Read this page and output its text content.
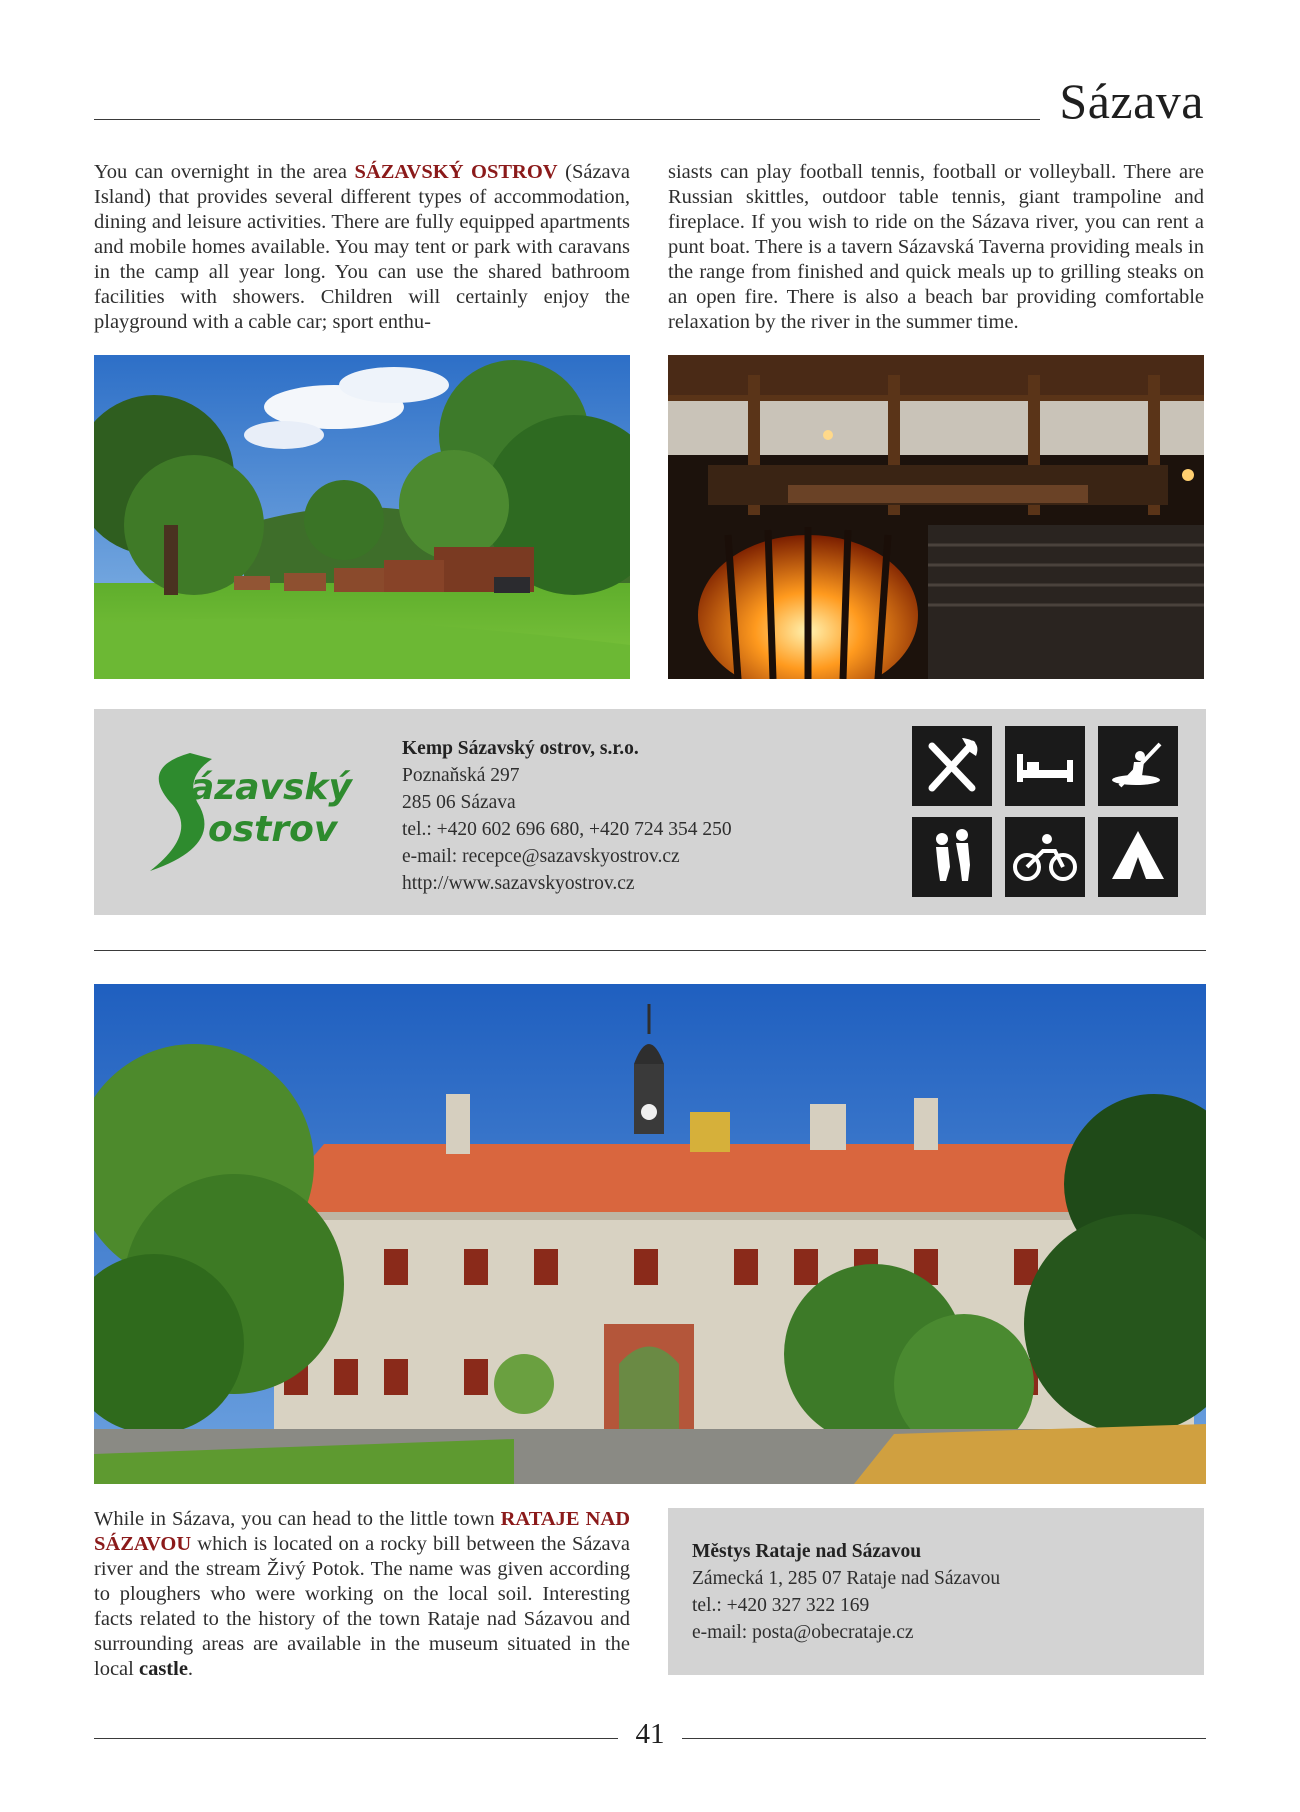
Sázava
You can overnight in the area SÁZAVSKÝ OSTROV (Sázava Island) that provides several different types of accommodation, dining and leisure activities. There are fully equipped apartments and mobile homes available. You may tent or park with caravans in the camp all year long. You can use the shared bathroom facilities with showers. Children will certainly enjoy the playground with a cable car; sport enthu-
siasts can play football tennis, football or volleyball. There are Russian skittles, outdoor table tennis, giant trampoline and fireplace. If you wish to ride on the Sázava river, you can rent a punt boat. There is a tavern Sázavská Taverna providing meals in the range from finished and quick meals up to grilling steaks on an open fire. There is also a beach bar providing comfortable relaxation by the river in the summer time.
ázavský
ostrov
Kemp Sázavský ostrov, s.r.o.
Poznaňská 297
285 06 Sázava
tel.: +420 602 696 680, +420 724 354 250
e-mail: recepce@sazavskyostrov.cz
http://www.sazavskyostrov.cz
While in Sázava, you can head to the little town RATAJE NAD SÁZAVOU which is located on a rocky bill between the Sázava river and the stream Živý Potok. The name was given according to ploughers who were working on the local soil. Interesting facts related to the history of the town Rataje nad Sázavou and surrounding areas are available in the museum situated in the local castle.
Městys Rataje nad Sázavou
Zámecká 1, 285 07 Rataje nad Sázavou
tel.: +420 327 322 169
e-mail: posta@obecrataje.cz
41
